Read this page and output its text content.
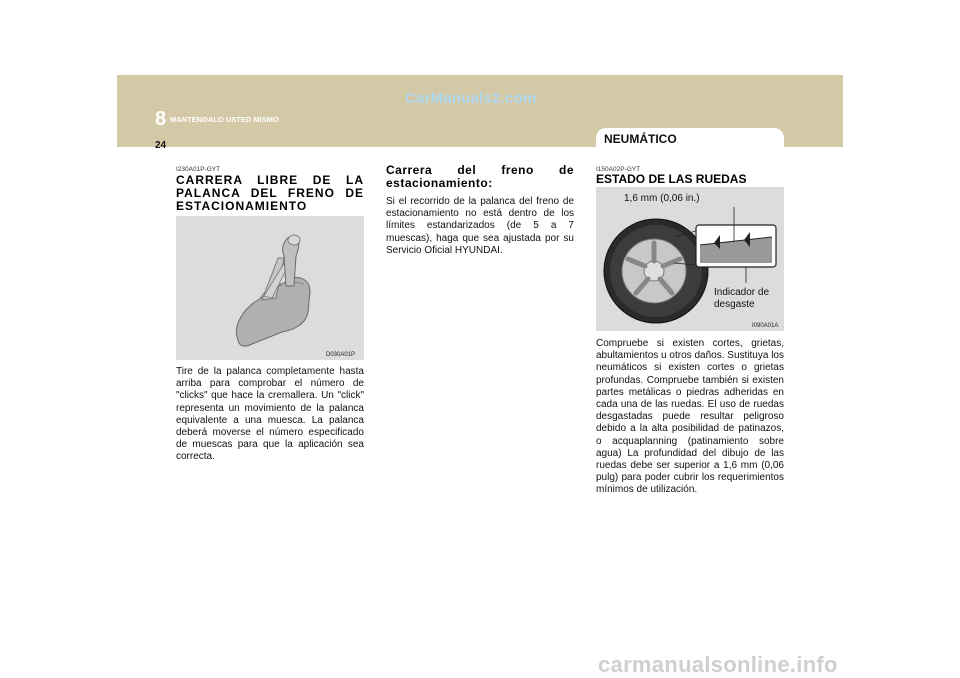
8 MANTENGALO USTED MISMO
24
CarManuals2.com
NEUMÁTICO
I230A01P-GYT
CARRERA LIBRE DE LA PALANCA DEL FRENO DE ESTACIONAMIENTO
D030A01P
Tire de la palanca completamente hasta arriba para comprobar el número de "clicks" que hace la cremallera. Un "click" representa un movimiento de la palanca equivalente a una muesca. La palanca deberá moverse el número especificado de muescas para que la aplicación sea correcta.
Carrera del freno de estacionamiento:
Si el recorrido de la palanca del freno de estacionamiento no está dentro de los límites estandarizados (de 5 a 7 muescas), haga que sea ajustada por su Servicio Oficial HYUNDAI.
I150A02P-GYT
ESTADO DE LAS RUEDAS
1,6 mm (0,06 in.)
Indicador de desgaste
I090A01A
Compruebe si existen cortes, grietas, abultamientos u otros daños. Sustituya los neumáticos si existen cortes o grietas profundas. Compruebe también si existen partes metálicas o piedras adheridas en cada una de las ruedas. El uso de ruedas desgastadas puede resultar peligroso debido a la alta posibilidad de patinazos, o acquaplanning (patinamiento sobre agua) La profundidad del dibujo de las ruedas debe ser superior a 1,6 mm (0,06 pulg) para poder cubrir los requerimientos mínimos de utilización.
carmanualsonline.info
